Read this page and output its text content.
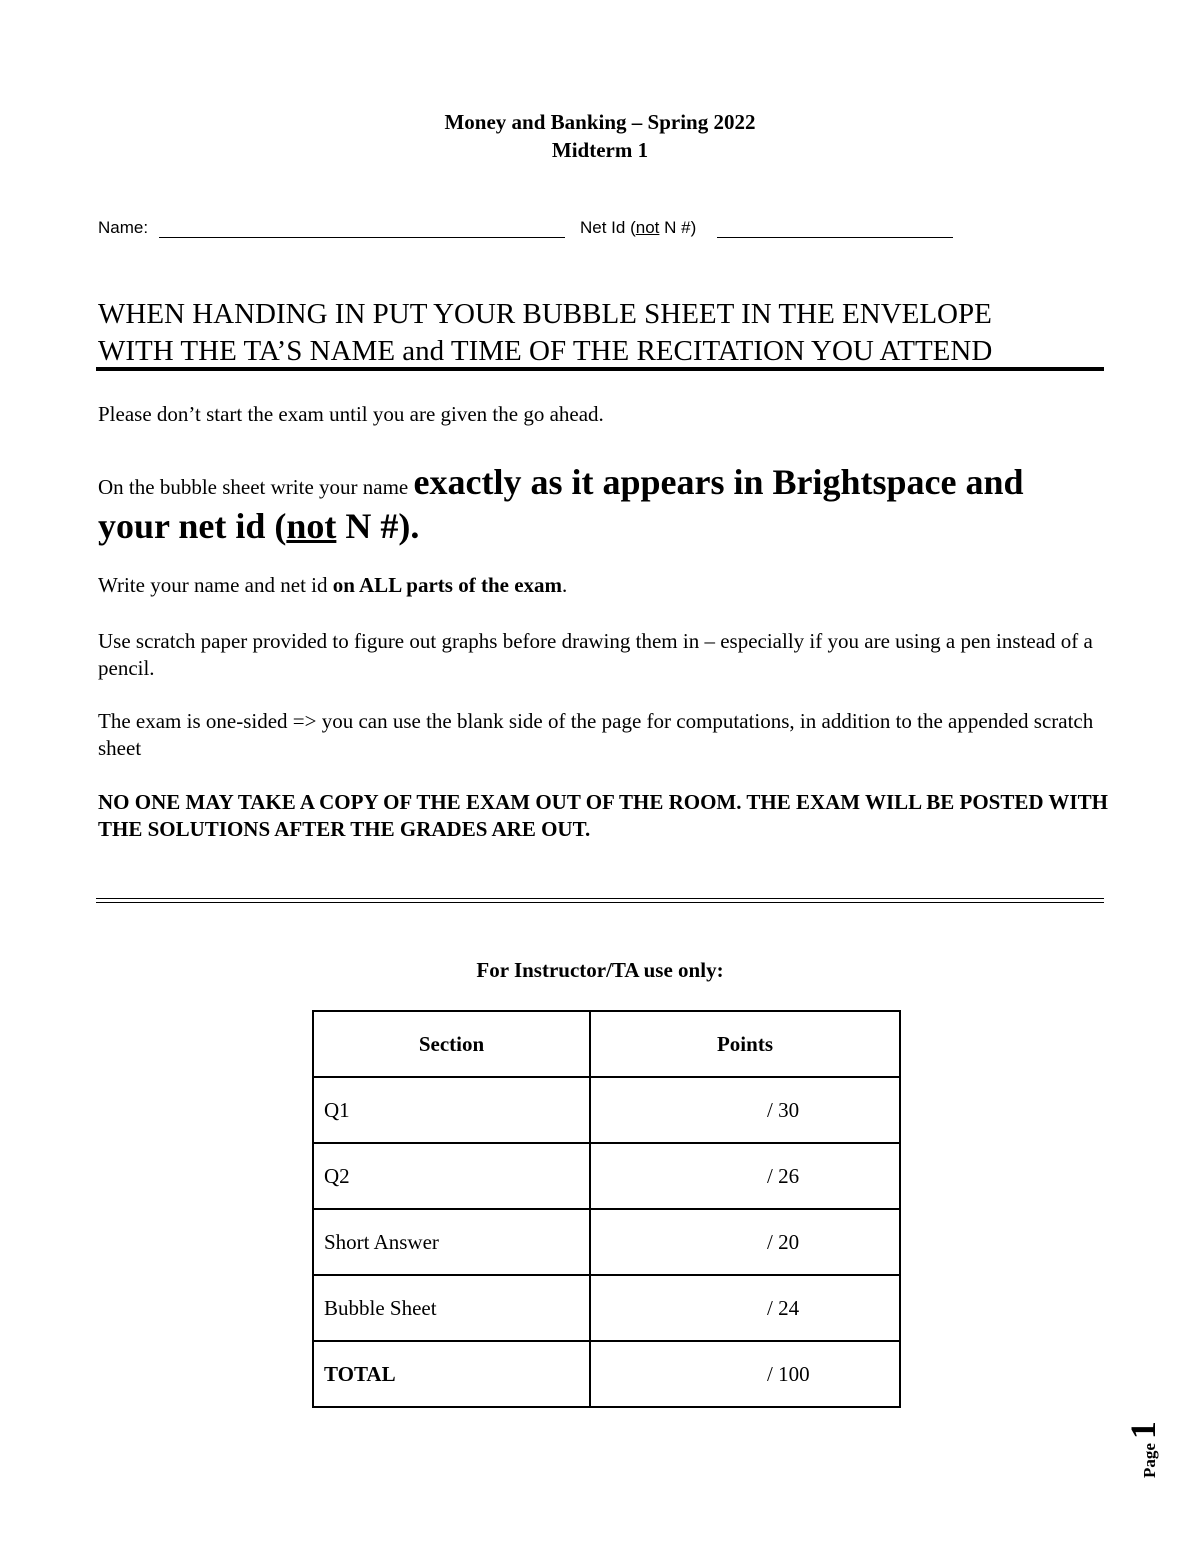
Money and Banking – Spring 2022
Midterm 1
Name:	Net Id (not N #)
WHEN HANDING IN PUT YOUR BUBBLE SHEET IN THE ENVELOPE
WITH THE TA’S NAME and TIME OF THE RECITATION YOU ATTEND
Please don’t start the exam until you are given the go ahead.
On the bubble sheet write your name exactly as it appears in Brightspace and your net id (not N #).
Write your name and net id on ALL parts of the exam.
Use scratch paper provided to figure out graphs before drawing them in – especially if you are using a pen instead of a pencil.
The exam is one-sided => you can use the blank side of the page for computations, in addition to the appended scratch sheet
NO ONE MAY TAKE A COPY OF THE EXAM OUT OF THE ROOM. THE EXAM WILL BE POSTED WITH THE SOLUTIONS AFTER THE GRADES ARE OUT.
For Instructor/TA use only:
Section	Points
Q1	/ 30
Q2	/ 26
Short Answer	/ 20
Bubble Sheet	/ 24
TOTAL	/ 100
Page 1
